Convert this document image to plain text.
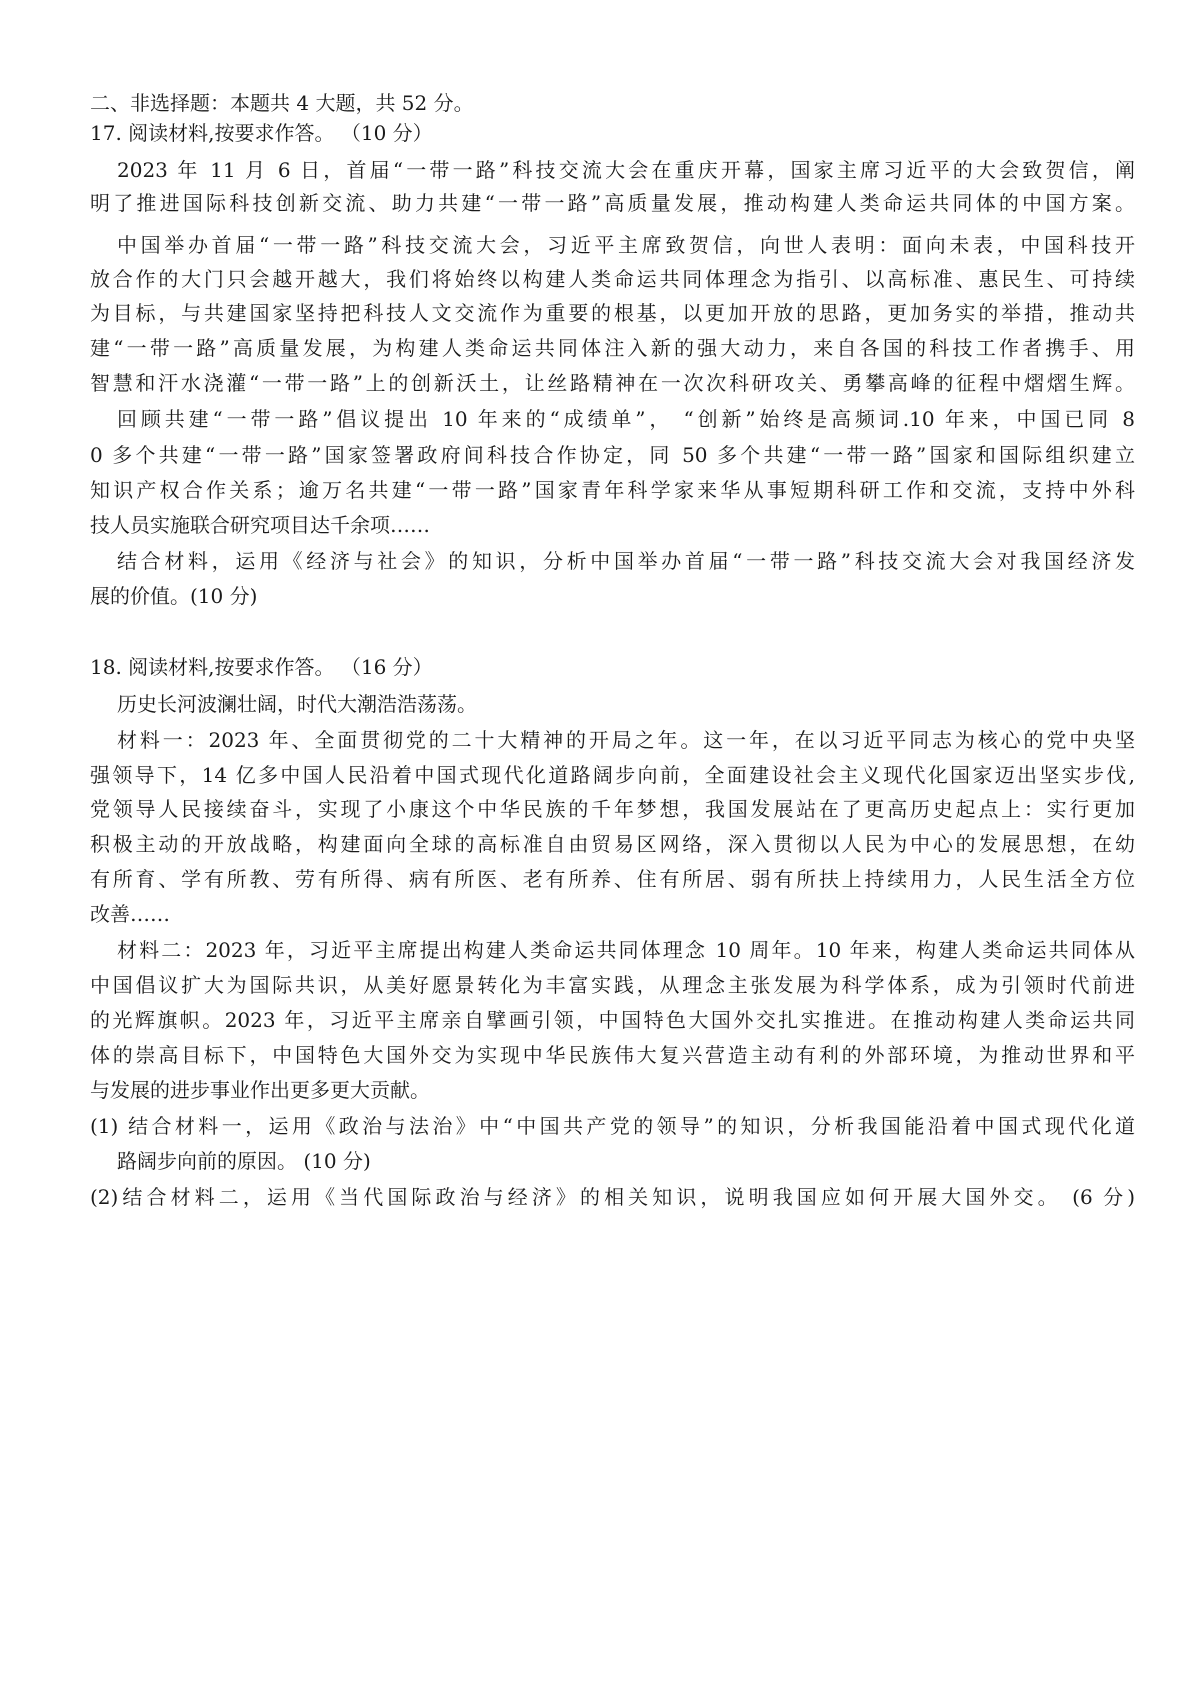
二、非选择题：本题共 4 大题，共 52 分。
17. 阅读材料,按要求作答。 （10 分）
2023 年 11 月 6 日，首届“一带一路”科技交流大会在重庆开幕，国家主席习近平的大会致贺信，阐
明了推进国际科技创新交流、助力共建“一带一路”高质量发展，推动构建人类命运共同体的中国方案。
中国举办首届“一带一路”科技交流大会，习近平主席致贺信，向世人表明：面向未表，中国科技开
放合作的大门只会越开越大，我们将始终以构建人类命运共同体理念为指引、以高标准、惠民生、可持续
为目标，与共建国家坚持把科技人文交流作为重要的根基，以更加开放的思路，更加务实的举措，推动共
建“一带一路”高质量发展，为构建人类命运共同体注入新的强大动力，来自各国的科技工作者携手、用
智慧和汗水浇灌“一带一路”上的创新沃土，让丝路精神在一次次科研攻关、勇攀高峰的征程中熠熠生辉。
回顾共建“一带一路”倡议提出 10 年来的“成绩单”， “创新”始终是高频词.10 年来，中国已同 8
0 多个共建“一带一路”国家签署政府间科技合作协定，同 50 多个共建“一带一路”国家和国际组织建立
知识产权合作关系；逾万名共建“一带一路”国家青年科学家来华从事短期科研工作和交流，支持中外科
技人员实施联合研究项目达千余项……
结合材料，运用《经济与社会》的知识，分析中国举办首届“一带一路”科技交流大会对我国经济发
展的价值。(10 分)
18. 阅读材料,按要求作答。 （16 分）
历史长河波澜壮阔，时代大潮浩浩荡荡。
材料一：2023 年、全面贯彻党的二十大精神的开局之年。这一年，在以习近平同志为核心的党中央坚
强领导下，14 亿多中国人民沿着中国式现代化道路阔步向前，全面建设社会主义现代化国家迈出坚实步伐,
党领导人民接续奋斗，实现了小康这个中华民族的千年梦想，我国发展站在了更高历史起点上：实行更加
积极主动的开放战略，构建面向全球的高标准自由贸易区网络，深入贯彻以人民为中心的发展思想，在幼
有所育、学有所教、劳有所得、病有所医、老有所养、住有所居、弱有所扶上持续用力，人民生活全方位
改善……
材料二：2023 年，习近平主席提出构建人类命运共同体理念 10 周年。10 年来，构建人类命运共同体从
中国倡议扩大为国际共识，从美好愿景转化为丰富实践，从理念主张发展为科学体系，成为引领时代前进
的光辉旗帜。2023 年，习近平主席亲自擘画引领，中国特色大国外交扎实推进。在推动构建人类命运共同
体的崇高目标下，中国特色大国外交为实现中华民族伟大复兴营造主动有利的外部环境，为推动世界和平
与发展的进步事业作出更多更大贡献。
(1) 结合材料一，运用《政治与法治》中“中国共产党的领导”的知识，分析我国能沿着中国式现代化道
路阔步向前的原因。 (10 分)
(2)结合材料二，运用《当代国际政治与经济》的相关知识，说明我国应如何开展大国外交。 (6 分)
